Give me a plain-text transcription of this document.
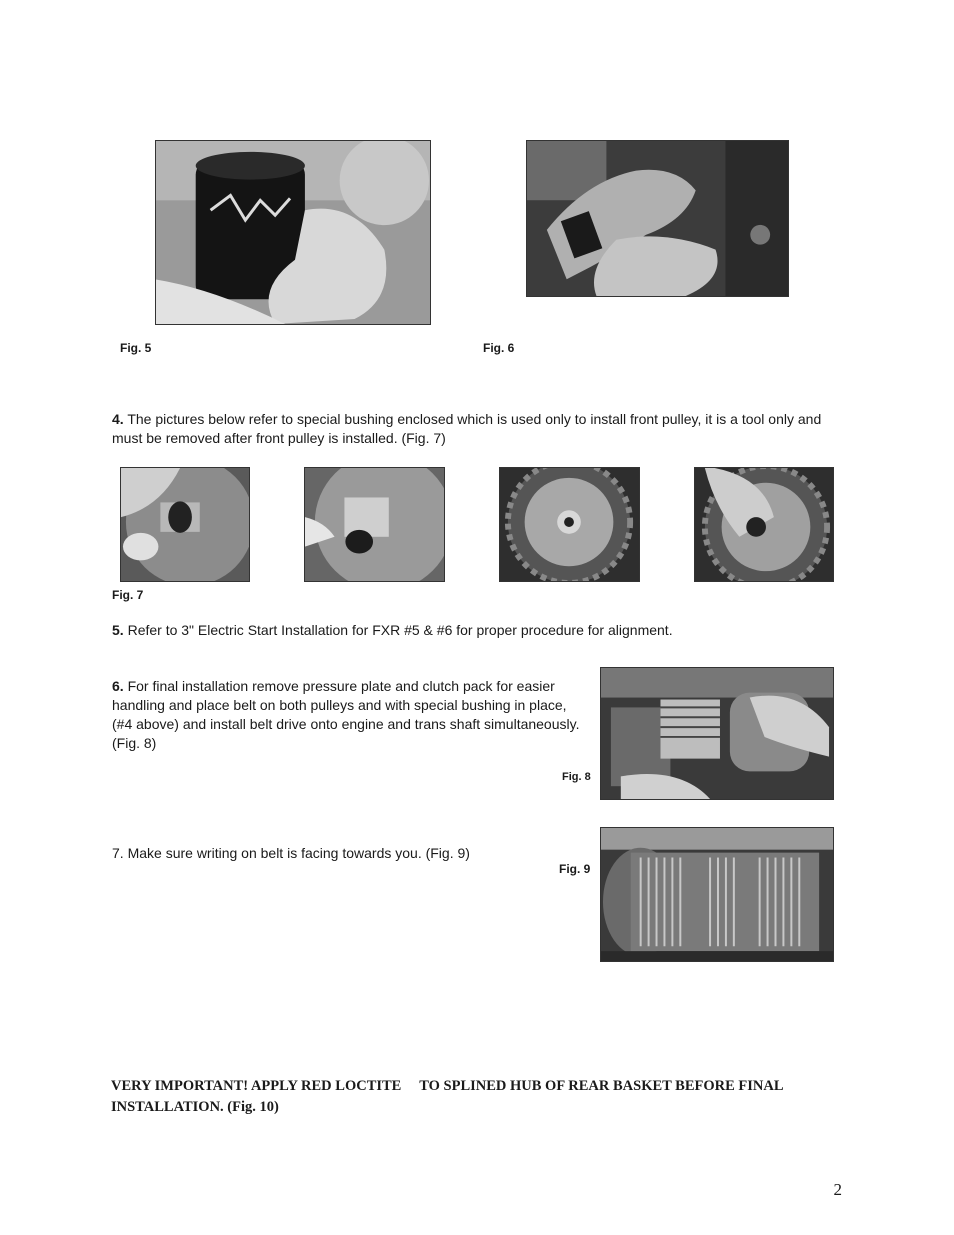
Fig. 5	Fig. 6
4. The pictures below refer to special bushing enclosed which is used only to install front pulley, it is a tool only and must be removed after front pulley is installed. (Fig. 7)
Fig. 7
5. Refer to 3" Electric Start Installation for FXR #5 & #6 for proper procedure for alignment.
6. For final installation remove pressure plate and clutch pack for easier handling and place belt on both pulleys and with special bushing in place, (#4 above) and install belt drive onto engine and trans shaft simultaneously. (Fig. 8)
Fig. 8
7. Make sure writing on belt is facing towards you. (Fig. 9)
Fig. 9
VERY IMPORTANT! APPLY RED LOCTITE     TO SPLINED HUB OF REAR BASKET BEFORE FINAL
INSTALLATION. (Fig. 10)
2
